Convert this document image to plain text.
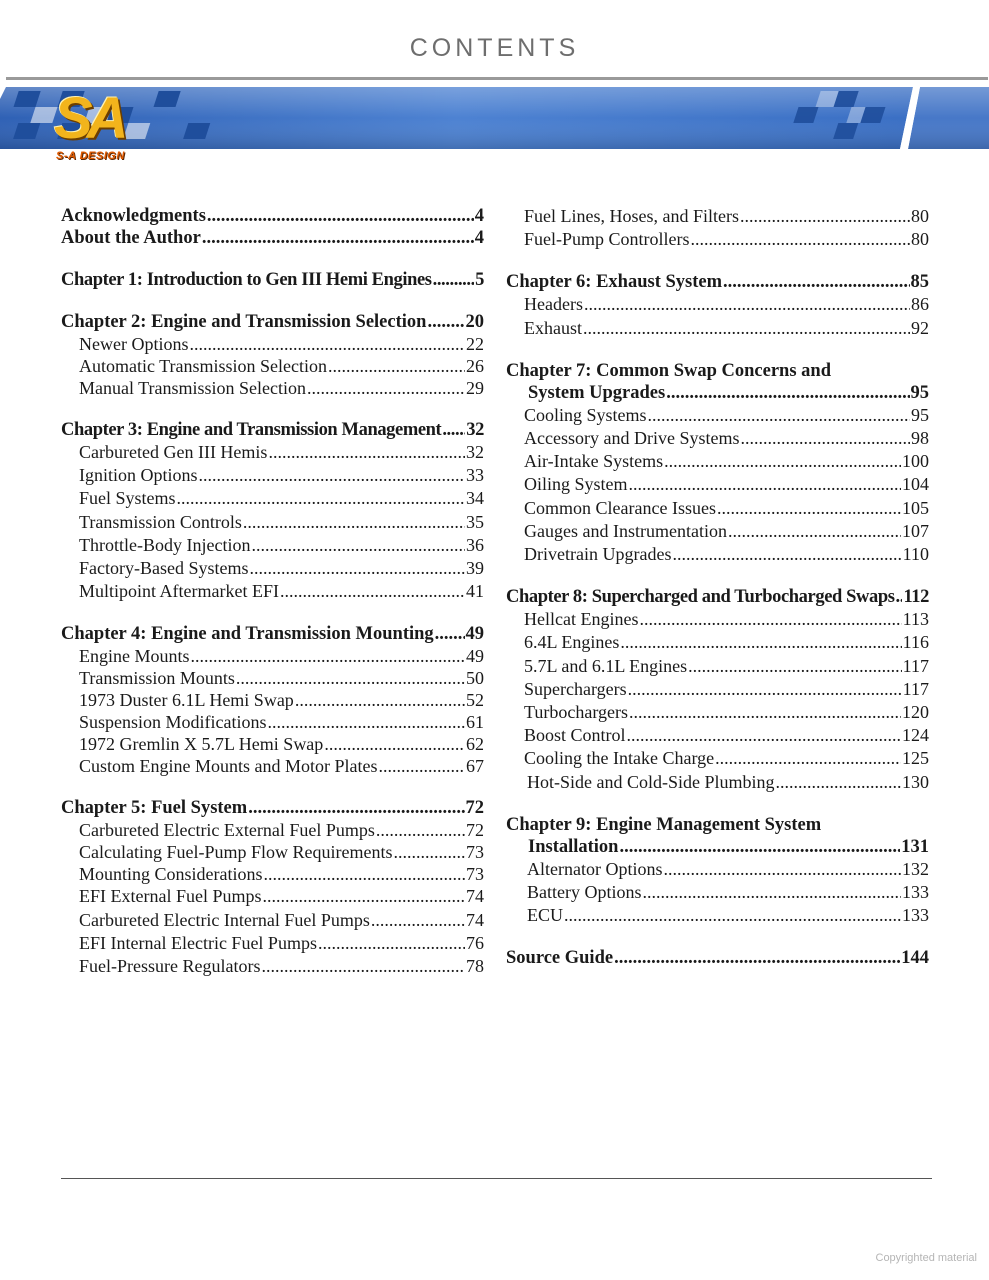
CONTENTS
SA
S-A DESIGN
Acknowledgments .....	4
About the Author .....	4
Chapter 1: Introduction to Gen III Hemi Engines ..... 5
Chapter 2: Engine and Transmission Selection ..... 20
Newer Options .....	22
Automatic Transmission Selection .....	26
Manual Transmission Selection .....	29
Chapter 3: Engine and Transmission Management ..... 32
Carbureted Gen III Hemis .....	32
Ignition Options .....	33
Fuel Systems .....	34
Transmission Controls .....	35
Throttle-Body Injection .....	36
Factory-Based Systems .....	39
Multipoint Aftermarket EFI .....	41
Chapter 4: Engine and Transmission Mounting ..... 49
Engine Mounts .....	49
Transmission Mounts .....	50
1973 Duster 6.1L Hemi Swap .....	52
Suspension Modifications .....	61
1972 Gremlin X 5.7L Hemi Swap .....	62
Custom Engine Mounts and Motor Plates .....	67
Chapter 5: Fuel System .....	72
Carbureted Electric External Fuel Pumps .....	72
Calculating Fuel-Pump Flow Requirements .....	73
Mounting Considerations .....	73
EFI External Fuel Pumps .....	74
Carbureted Electric Internal Fuel Pumps .....	74
EFI Internal Electric Fuel Pumps .....	76
Fuel-Pressure Regulators .....	78
Fuel Lines, Hoses, and Filters .....	80
Fuel-Pump Controllers .....	80
Chapter 6: Exhaust System .....	85
Headers .....	86
Exhaust .....	92
Chapter 7: Common Swap Concerns and
System Upgrades .....	95
Cooling Systems .....	95
Accessory and Drive Systems .....	98
Air-Intake Systems .....	100
Oiling System .....	104
Common Clearance Issues .....	105
Gauges and Instrumentation .....	107
Drivetrain Upgrades .....	110
Chapter 8: Supercharged and Turbocharged Swaps ..... 112
Hellcat Engines .....	113
6.4L Engines .....	116
5.7L and 6.1L Engines .....	117
Superchargers .....	117
Turbochargers .....	120
Boost Control .....	124
Cooling the Intake Charge .....	125
Hot-Side and Cold-Side Plumbing .....	130
Chapter 9: Engine Management System
Installation .....	131
Alternator Options .....	132
Battery Options .....	133
ECU .....	133
Source Guide .....	144
Copyrighted material
